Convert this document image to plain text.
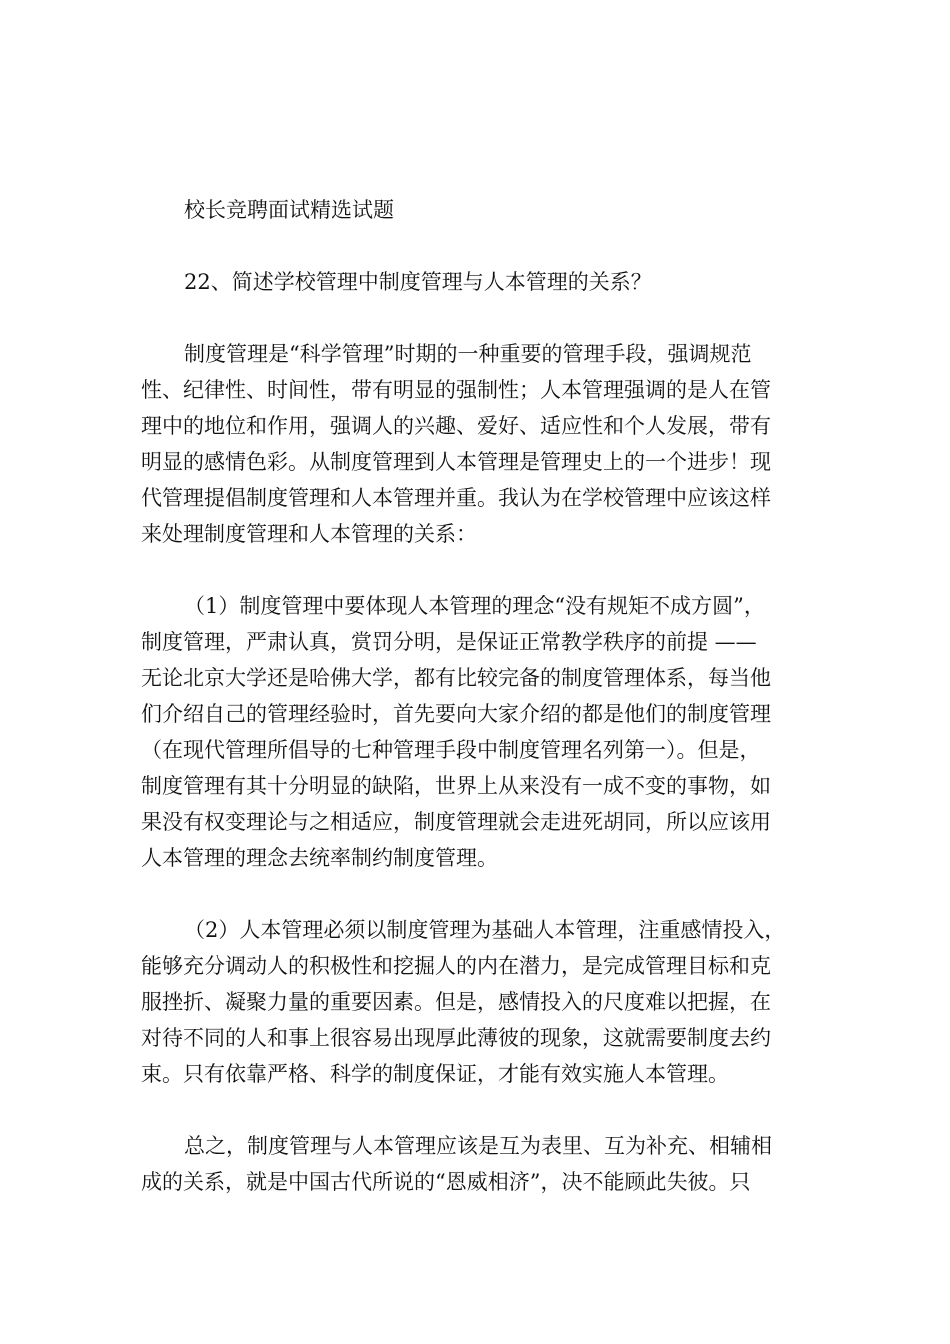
校长竞聘面试精选试题
22、简述学校管理中制度管理与人本管理的关系？
制度管理是“科学管理”时期的一种重要的管理手段，强调规范
性、纪律性、时间性，带有明显的强制性；人本管理强调的是人在管
理中的地位和作用，强调人的兴趣、爱好、适应性和个人发展，带有
明显的感情色彩。从制度管理到人本管理是管理史上的一个进步！现
代管理提倡制度管理和人本管理并重。我认为在学校管理中应该这样
来处理制度管理和人本管理的关系：
（1）制度管理中要体现人本管理的理念“没有规矩不成方圆”，
制度管理，严肃认真，赏罚分明，是保证正常教学秩序的前提 ——
无论北京大学还是哈佛大学，都有比较完备的制度管理体系，每当他
们介绍自己的管理经验时，首先要向大家介绍的都是他们的制度管理
（在现代管理所倡导的七种管理手段中制度管理名列第一）。但是，
制度管理有其十分明显的缺陷，世界上从来没有一成不变的事物，如
果没有权变理论与之相适应，制度管理就会走进死胡同，所以应该用
人本管理的理念去统率制约制度管理。
（2）人本管理必须以制度管理为基础人本管理，注重感情投入，
能够充分调动人的积极性和挖掘人的内在潜力，是完成管理目标和克
服挫折、凝聚力量的重要因素。但是，感情投入的尺度难以把握，在
对待不同的人和事上很容易出现厚此薄彼的现象，这就需要制度去约
束。只有依靠严格、科学的制度保证，才能有效实施人本管理。
总之，制度管理与人本管理应该是互为表里、互为补充、相辅相
成的关系，就是中国古代所说的“恩威相济”，决不能顾此失彼。只
